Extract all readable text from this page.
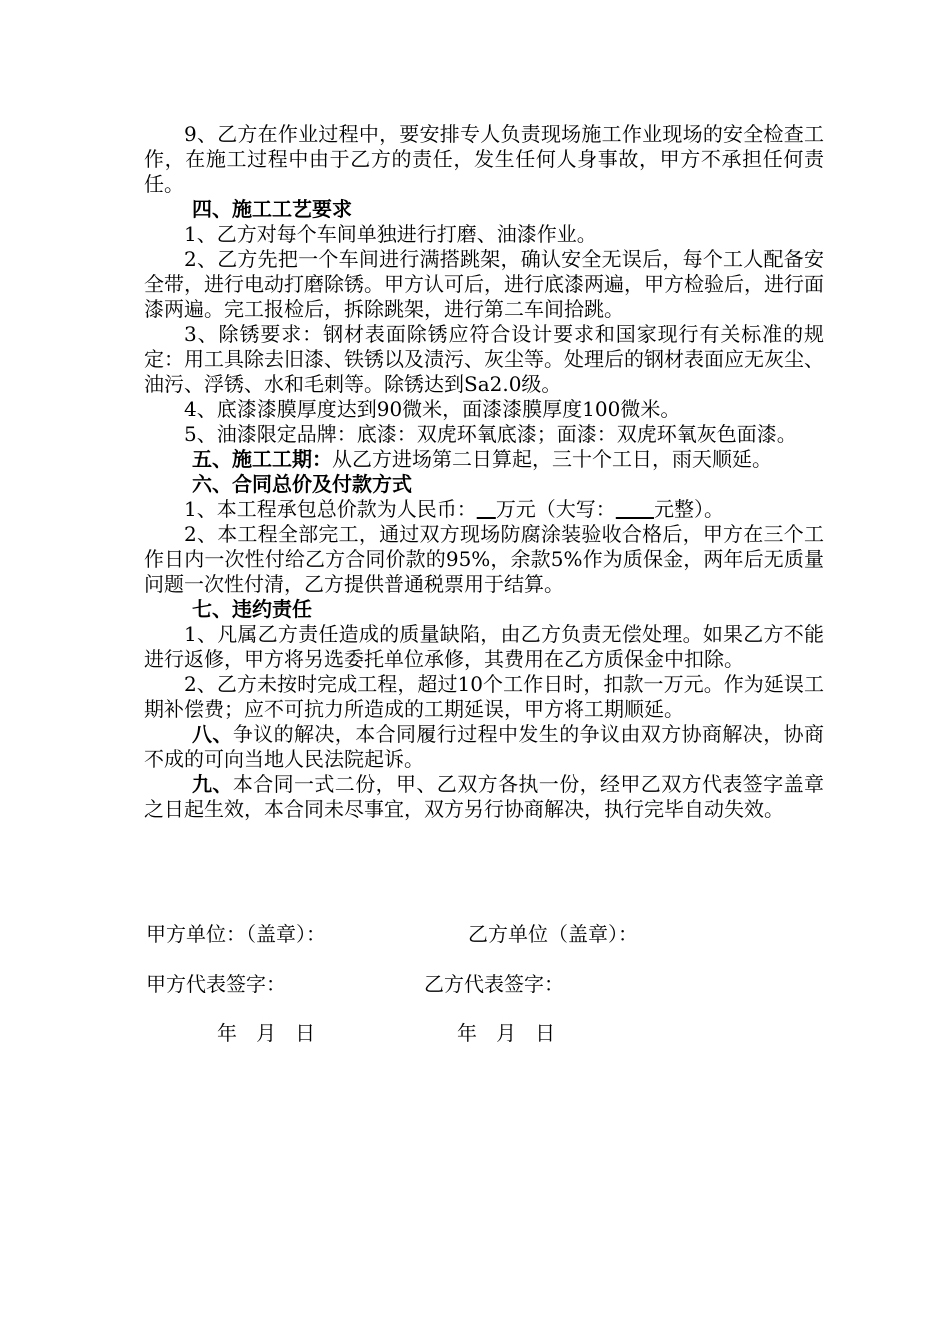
9、乙方在作业过程中，要安排专人负责现场施工作业现场的安全检查工作，在施工过程中由于乙方的责任，发生任何人身事故，甲方不承担任何责任。

四、施工工艺要求

1、乙方对每个车间单独进行打磨、油漆作业。

2、乙方先把一个车间进行满搭跳架，确认安全无误后，每个工人配备安全带，进行电动打磨除锈。甲方认可后，进行底漆两遍，甲方检验后，进行面漆两遍。完工报检后，拆除跳架，进行第二车间拾跳。

3、除锈要求：钢材表面除锈应符合设计要求和国家现行有关标准的规定：用工具除去旧漆、铁锈以及渍污、灰尘等。处理后的钢材表面应无灰尘、油污、浮锈、水和毛刺等。除锈达到Sa2.0级。

4、底漆漆膜厚度达到90微米，面漆漆膜厚度100微米。

5、油漆限定品牌：底漆：双虎环氧底漆；面漆：双虎环氧灰色面漆。

五、施工工期：从乙方进场第二日算起，三十个工日，雨天顺延。

六、合同总价及付款方式

1、本工程承包总价款为人民币： 万元（大写： 元整）。

2、本工程全部完工，通过双方现场防腐涂装验收合格后，甲方在三个工作日内一次性付给乙方合同价款的95%，余款5%作为质保金，两年后无质量问题一次性付清，乙方提供普通税票用于结算。

七、违约责任

1、凡属乙方责任造成的质量缺陷，由乙方负责无偿处理。如果乙方不能进行返修，甲方将另选委托单位承修，其费用在乙方质保金中扣除。

2、乙方未按时完成工程，超过10个工作日时，扣款一万元。作为延误工期补偿费；应不可抗力所造成的工期延误，甲方将工期顺延。

八、争议的解决，本合同履行过程中发生的争议由双方协商解决，协商不成的可向当地人民法院起诉。

九、本合同一式二份，甲、乙双方各执一份，经甲乙双方代表签字盖章之日起生效，本合同未尽事宜，双方另行协商解决，执行完毕自动失效。

甲方单位：（盖章）：	乙方单位（盖章）：
甲方代表签字：	乙方代表签字：
年   月   日	年   月   日
